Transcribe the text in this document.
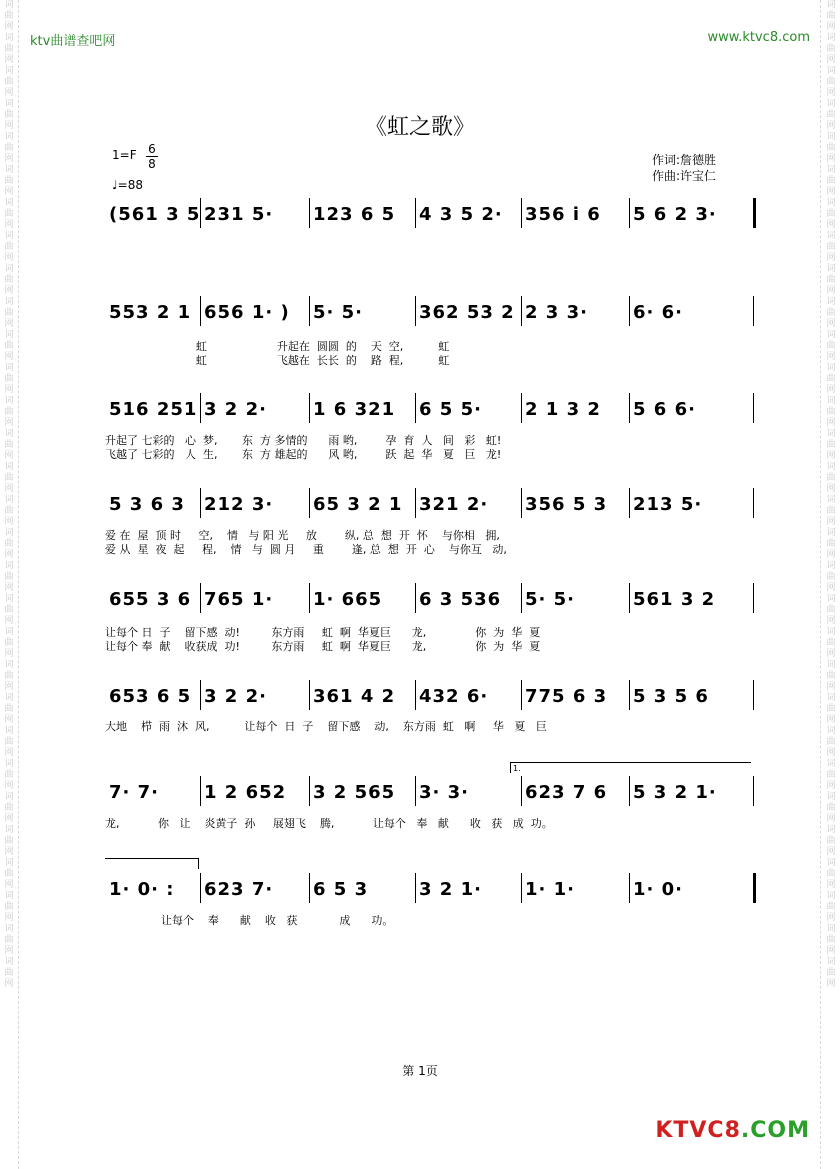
词曲网词曲网词曲网词曲网词曲网词曲网词曲网词曲网词曲网词曲网词曲网词曲网词曲网词曲网词曲网词曲网词曲网词曲网词曲网词曲网词曲网词曲网词曲网词曲网词曲网词曲网词曲网词曲网词曲网词曲网
词曲网词曲网词曲网词曲网词曲网词曲网词曲网词曲网词曲网词曲网词曲网词曲网词曲网词曲网词曲网词曲网词曲网词曲网词曲网词曲网词曲网词曲网词曲网词曲网词曲网词曲网词曲网词曲网词曲网词曲网
ktv曲谱查吧网	www.ktvc8.com
《虹之歌》
1=F 6
8
♩=88
作词:詹德胜
作曲:许宝仁
(561 3 5 231 5· 123 6 5 4 3 5 2· 356 i̇ 6 5 6 2 3·
553 2 1 656 1· ) 5· 5·	362 53 2 2 3 3·	6· 6·
516 251 3 2 2·	1 6 321 6 5 5· 2 1 3 2 5 6 6·
5 3 6 3 212 3· 65 3 2 1 321 2· 356 5 3 213 5·
655 3 6 765 1· 1· 665 6 3 536 5· 5·	561 3 2
653 6 5 3 2 2·	361 4 2 432 6· 775 6 3 5 3 5 6
7· 7·	1 2 652 3 2 565 3· 3·	623 7 6 5 3 2 1·
1· 0· : 623 7· 6 5 3	3 2 1· 1· 1·	1· 0·
虹                    升起在  圆圆  的    天  空,          虹
虹                    飞越在  长长  的    路  程,          虹
升起了 七彩的   心  梦,       东  方 多情的      雨 哟,        孕  育  人   间   彩   虹!
飞越了 七彩的   人  生,       东  方 雄起的      风 哟,        跃  起  华   夏   巨   龙!
爱 在  屋  顶 时     空,    情   与 阳 光     放        纵, 总  想  开  怀    与你相   拥,
爱 从  星  夜  起     程,    情   与  圆 月     重        逢, 总  想  开  心    与你互   动,
让每个 日  子    留下感  动!         东方雨     虹  啊  华夏巨      龙,              你  为  华  夏
让每个 奉  献    收获成  功!         东方雨     虹  啊  华夏巨      龙,              你  为  华  夏
大地    栉  雨  沐  风,          让每个  日  子    留下感    动,    东方雨  虹   啊     华   夏   巨
龙,           你   让    炎黄子  孙     展翅飞    腾,           让每个   奉   献      收   获   成  功。
让每个    奉      献    收   获            成      功。
1.
第 1页
KTVC8.COM
